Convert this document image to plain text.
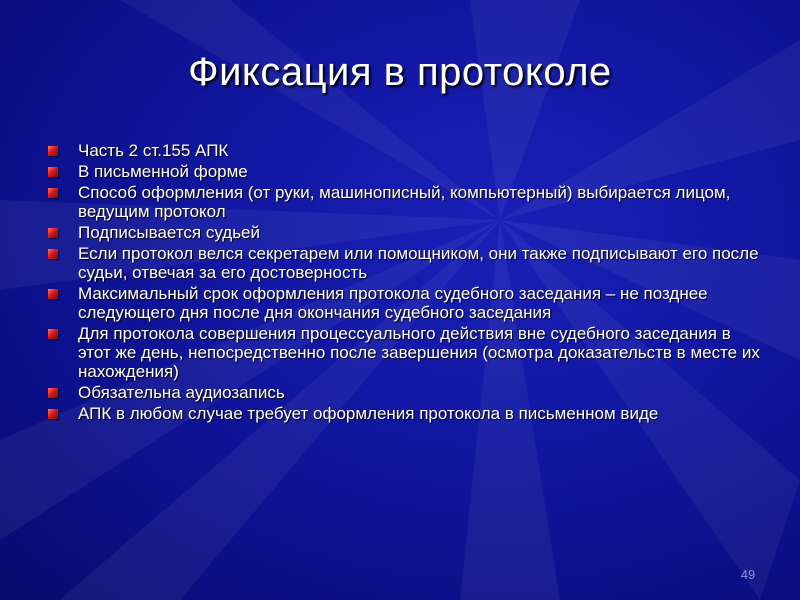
Фиксация в протоколе
Часть 2 ст.155 АПК
В письменной форме
Способ оформления (от руки, машинописный, компьютерный) выбирается лицом, ведущим протокол
Подписывается судьей
Если протокол велся секретарем или помощником, они также подписывают его после судьи, отвечая за его достоверность
Максимальный срок оформления протокола судебного заседания – не позднее следующего дня после дня окончания судебного заседания
Для протокола совершения процессуального действия вне судебного заседания в этот же день, непосредственно после завершения (осмотра доказательств в месте их нахождения)
Обязательна аудиозапись
АПК в любом случае требует оформления протокола в письменном виде
49
